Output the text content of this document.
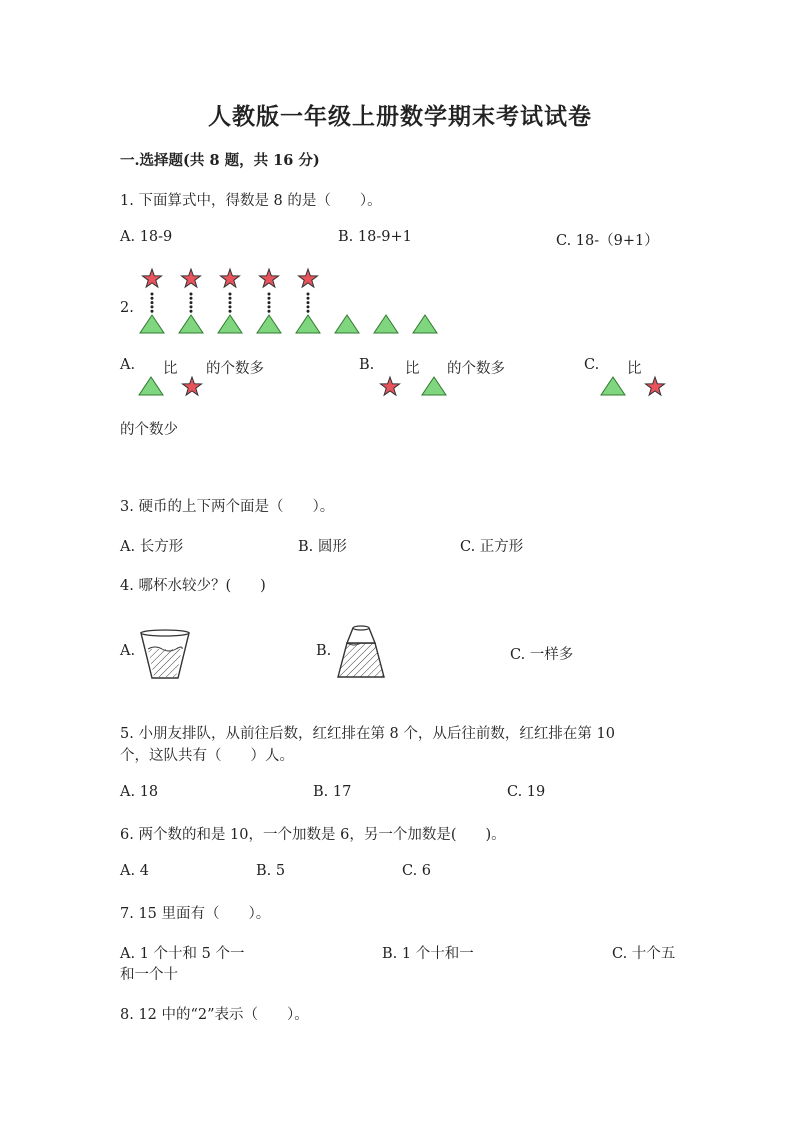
人教版一年级上册数学期末考试试卷
一.选择题(共 8 题，共 16 分)
1. 下面算式中，得数是 8 的是（　　）。
A. 18-9	B. 18-9+1	C. 18-（9+1）
2.
A. 比 的个数多	B. 比 的个数多	C. 比
的个数少
3. 硬币的上下两个面是（　　）。
A. 长方形	B. 圆形	C. 正方形
4. 哪杯水较少？(　　)
A.	B.	C. 一样多
5. 小朋友排队，从前往后数，红红排在第 8 个，从后往前数，红红排在第 10
个，这队共有（　　）人。
A. 18	B. 17	C. 19
6. 两个数的和是 10，一个加数是 6，另一个加数是(　　)。
A. 4	B. 5	C. 6
7. 15 里面有（　　）。
A. 1 个十和 5 个一	B. 1 个十和一	C. 十个五
和一个十
8. 12 中的“2”表示（　　）。
